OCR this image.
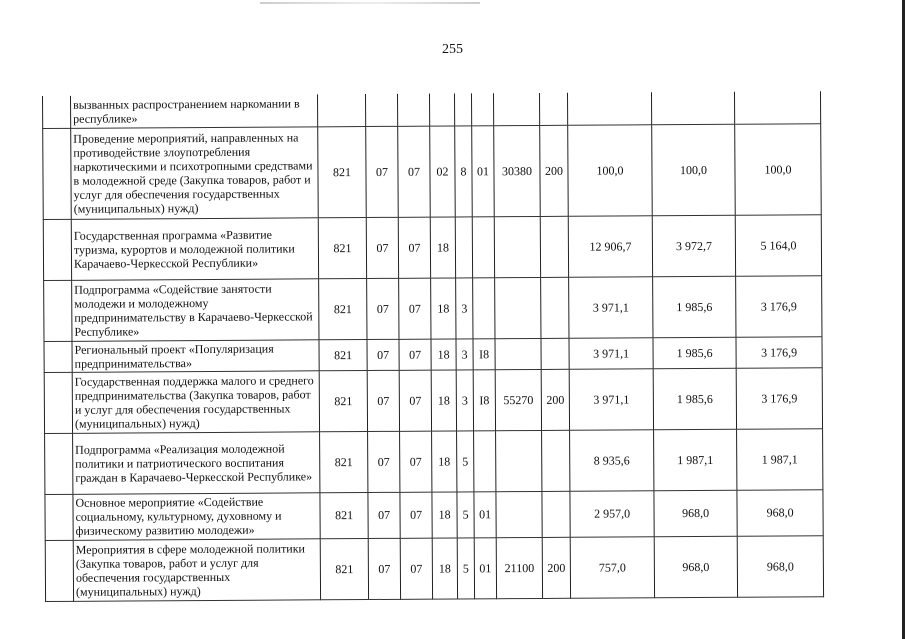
255
	вызванных распространением наркомании в республике»											
	Проведение мероприятий, направленных на противодействие злоупотребления наркотическими и психотропными средствами в молодежной среде (Закупка товаров, работ и услуг для обеспечения государственных (муниципальных) нужд)	821	07	07	02	8	01	30380	200	100,0	100,0	100,0
	Государственная программа «Развитие туризма, курортов и молодежной политики Карачаево-Черкесской Республики»	821	07	07	18					12 906,7	3 972,7	5 164,0
	Подпрограмма «Содействие занятости молодежи и молодежному предпринимательству в Карачаево-Черкесской Республике»	821	07	07	18	3				3 971,1	1 985,6	3 176,9
	Региональный проект «Популяризация предпринимательства»	821	07	07	18	3	I8			3 971,1	1 985,6	3 176,9
	Государственная поддержка малого и среднего предпринимательства (Закупка товаров, работ и услуг для обеспечения государственных (муниципальных) нужд)	821	07	07	18	3	I8	55270	200	3 971,1	1 985,6	3 176,9
	Подпрограмма «Реализация молодежной политики и патриотического воспитания граждан в Карачаево-Черкесской Республике»	821	07	07	18	5				8 935,6	1 987,1	1 987,1
	Основное мероприятие «Содействие социальному, культурному, духовному и физическому развитию молодежи»	821	07	07	18	5	01			2 957,0	968,0	968,0
	Мероприятия в сфере молодежной политики (Закупка товаров, работ и услуг для обеспечения государственных (муниципальных) нужд)	821	07	07	18	5	01	21100	200	757,0	968,0	968,0
